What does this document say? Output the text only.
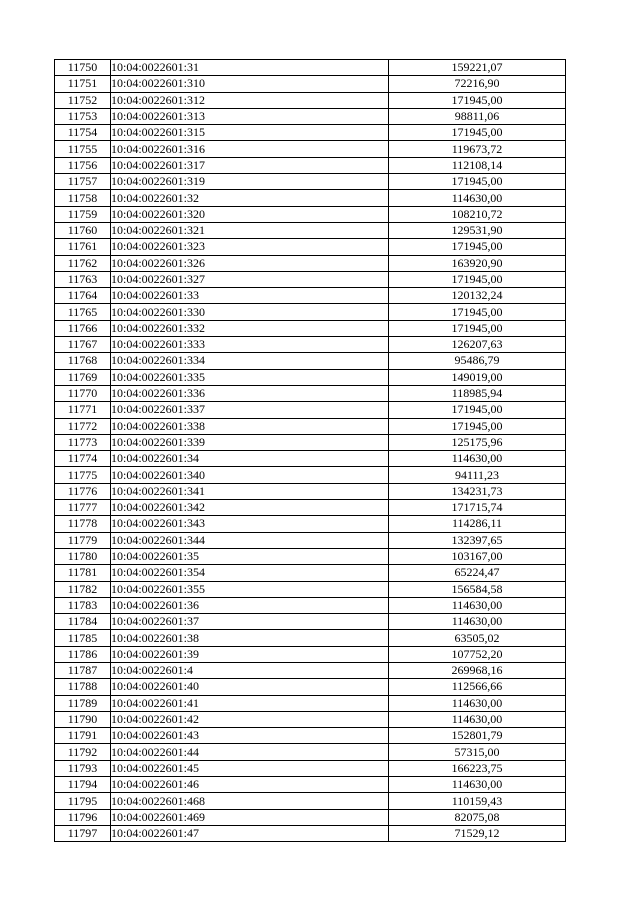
11750	10:04:0022601:31	159221,07
11751	10:04:0022601:310	72216,90
11752	10:04:0022601:312	171945,00
11753	10:04:0022601:313	98811,06
11754	10:04:0022601:315	171945,00
11755	10:04:0022601:316	119673,72
11756	10:04:0022601:317	112108,14
11757	10:04:0022601:319	171945,00
11758	10:04:0022601:32	114630,00
11759	10:04:0022601:320	108210,72
11760	10:04:0022601:321	129531,90
11761	10:04:0022601:323	171945,00
11762	10:04:0022601:326	163920,90
11763	10:04:0022601:327	171945,00
11764	10:04:0022601:33	120132,24
11765	10:04:0022601:330	171945,00
11766	10:04:0022601:332	171945,00
11767	10:04:0022601:333	126207,63
11768	10:04:0022601:334	95486,79
11769	10:04:0022601:335	149019,00
11770	10:04:0022601:336	118985,94
11771	10:04:0022601:337	171945,00
11772	10:04:0022601:338	171945,00
11773	10:04:0022601:339	125175,96
11774	10:04:0022601:34	114630,00
11775	10:04:0022601:340	94111,23
11776	10:04:0022601:341	134231,73
11777	10:04:0022601:342	171715,74
11778	10:04:0022601:343	114286,11
11779	10:04:0022601:344	132397,65
11780	10:04:0022601:35	103167,00
11781	10:04:0022601:354	65224,47
11782	10:04:0022601:355	156584,58
11783	10:04:0022601:36	114630,00
11784	10:04:0022601:37	114630,00
11785	10:04:0022601:38	63505,02
11786	10:04:0022601:39	107752,20
11787	10:04:0022601:4	269968,16
11788	10:04:0022601:40	112566,66
11789	10:04:0022601:41	114630,00
11790	10:04:0022601:42	114630,00
11791	10:04:0022601:43	152801,79
11792	10:04:0022601:44	57315,00
11793	10:04:0022601:45	166223,75
11794	10:04:0022601:46	114630,00
11795	10:04:0022601:468	110159,43
11796	10:04:0022601:469	82075,08
11797	10:04:0022601:47	71529,12
